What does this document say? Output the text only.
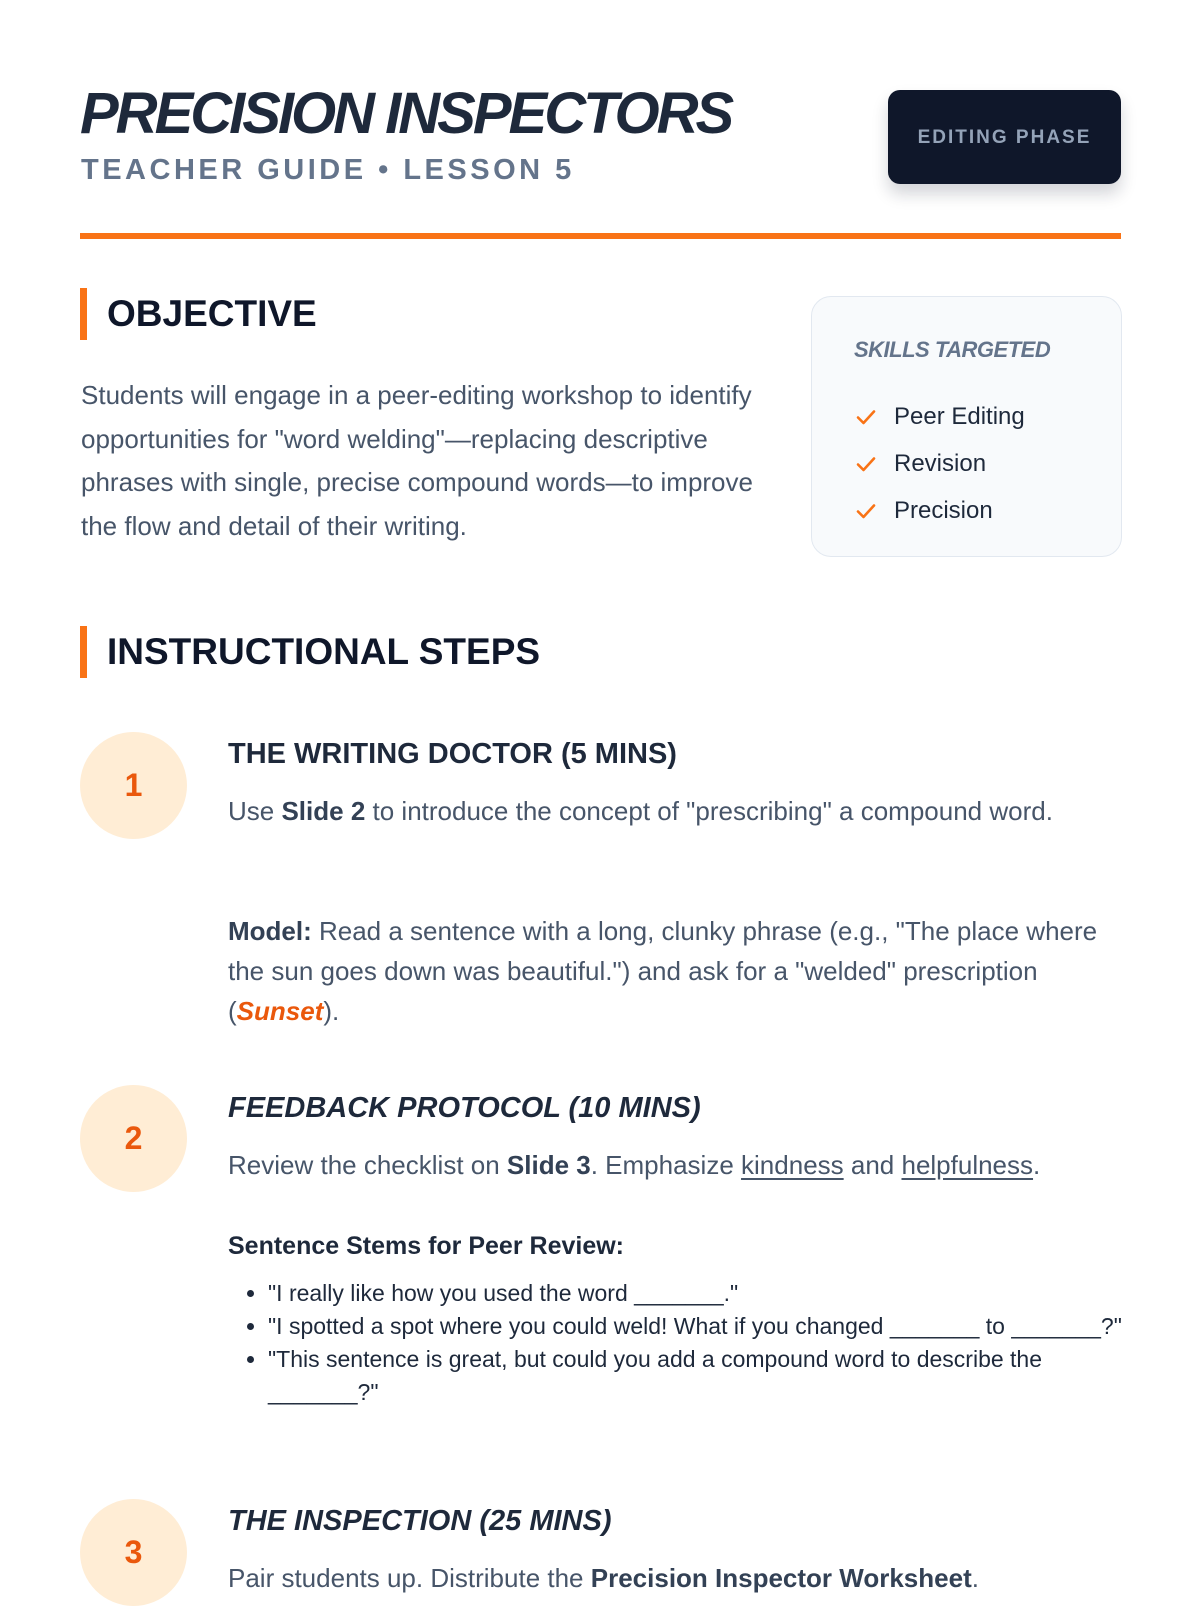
PRECISION INSPECTORS
TEACHER GUIDE • LESSON 5
EDITING PHASE
OBJECTIVE

Students will engage in a peer-editing workshop to identify opportunities for "word welding"—replacing descriptive phrases with single, precise compound words—to improve the flow and detail of their writing.

SKILLS TARGETED
Peer Editing
Revision
Precision
INSTRUCTIONAL STEPS
1
THE WRITING DOCTOR (5 MINS)

Use Slide 2 to introduce the concept of "prescribing" a compound word.

Model: Read a sentence with a long, clunky phrase (e.g., "The place where the sun goes down was beautiful.") and ask for a "welded" prescription (Sunset).

2
FEEDBACK PROTOCOL (10 MINS)

Review the checklist on Slide 3. Emphasize kindness and helpfulness.

Sentence Stems for Peer Review:
• "I really like how you used the word _______."
• "I spotted a spot where you could weld! What if you changed _______ to _______?"
• "This sentence is great, but could you add a compound word to describe the _______?"
3
THE INSPECTION (25 MINS)

Pair students up. Distribute the Precision Inspector Worksheet.
